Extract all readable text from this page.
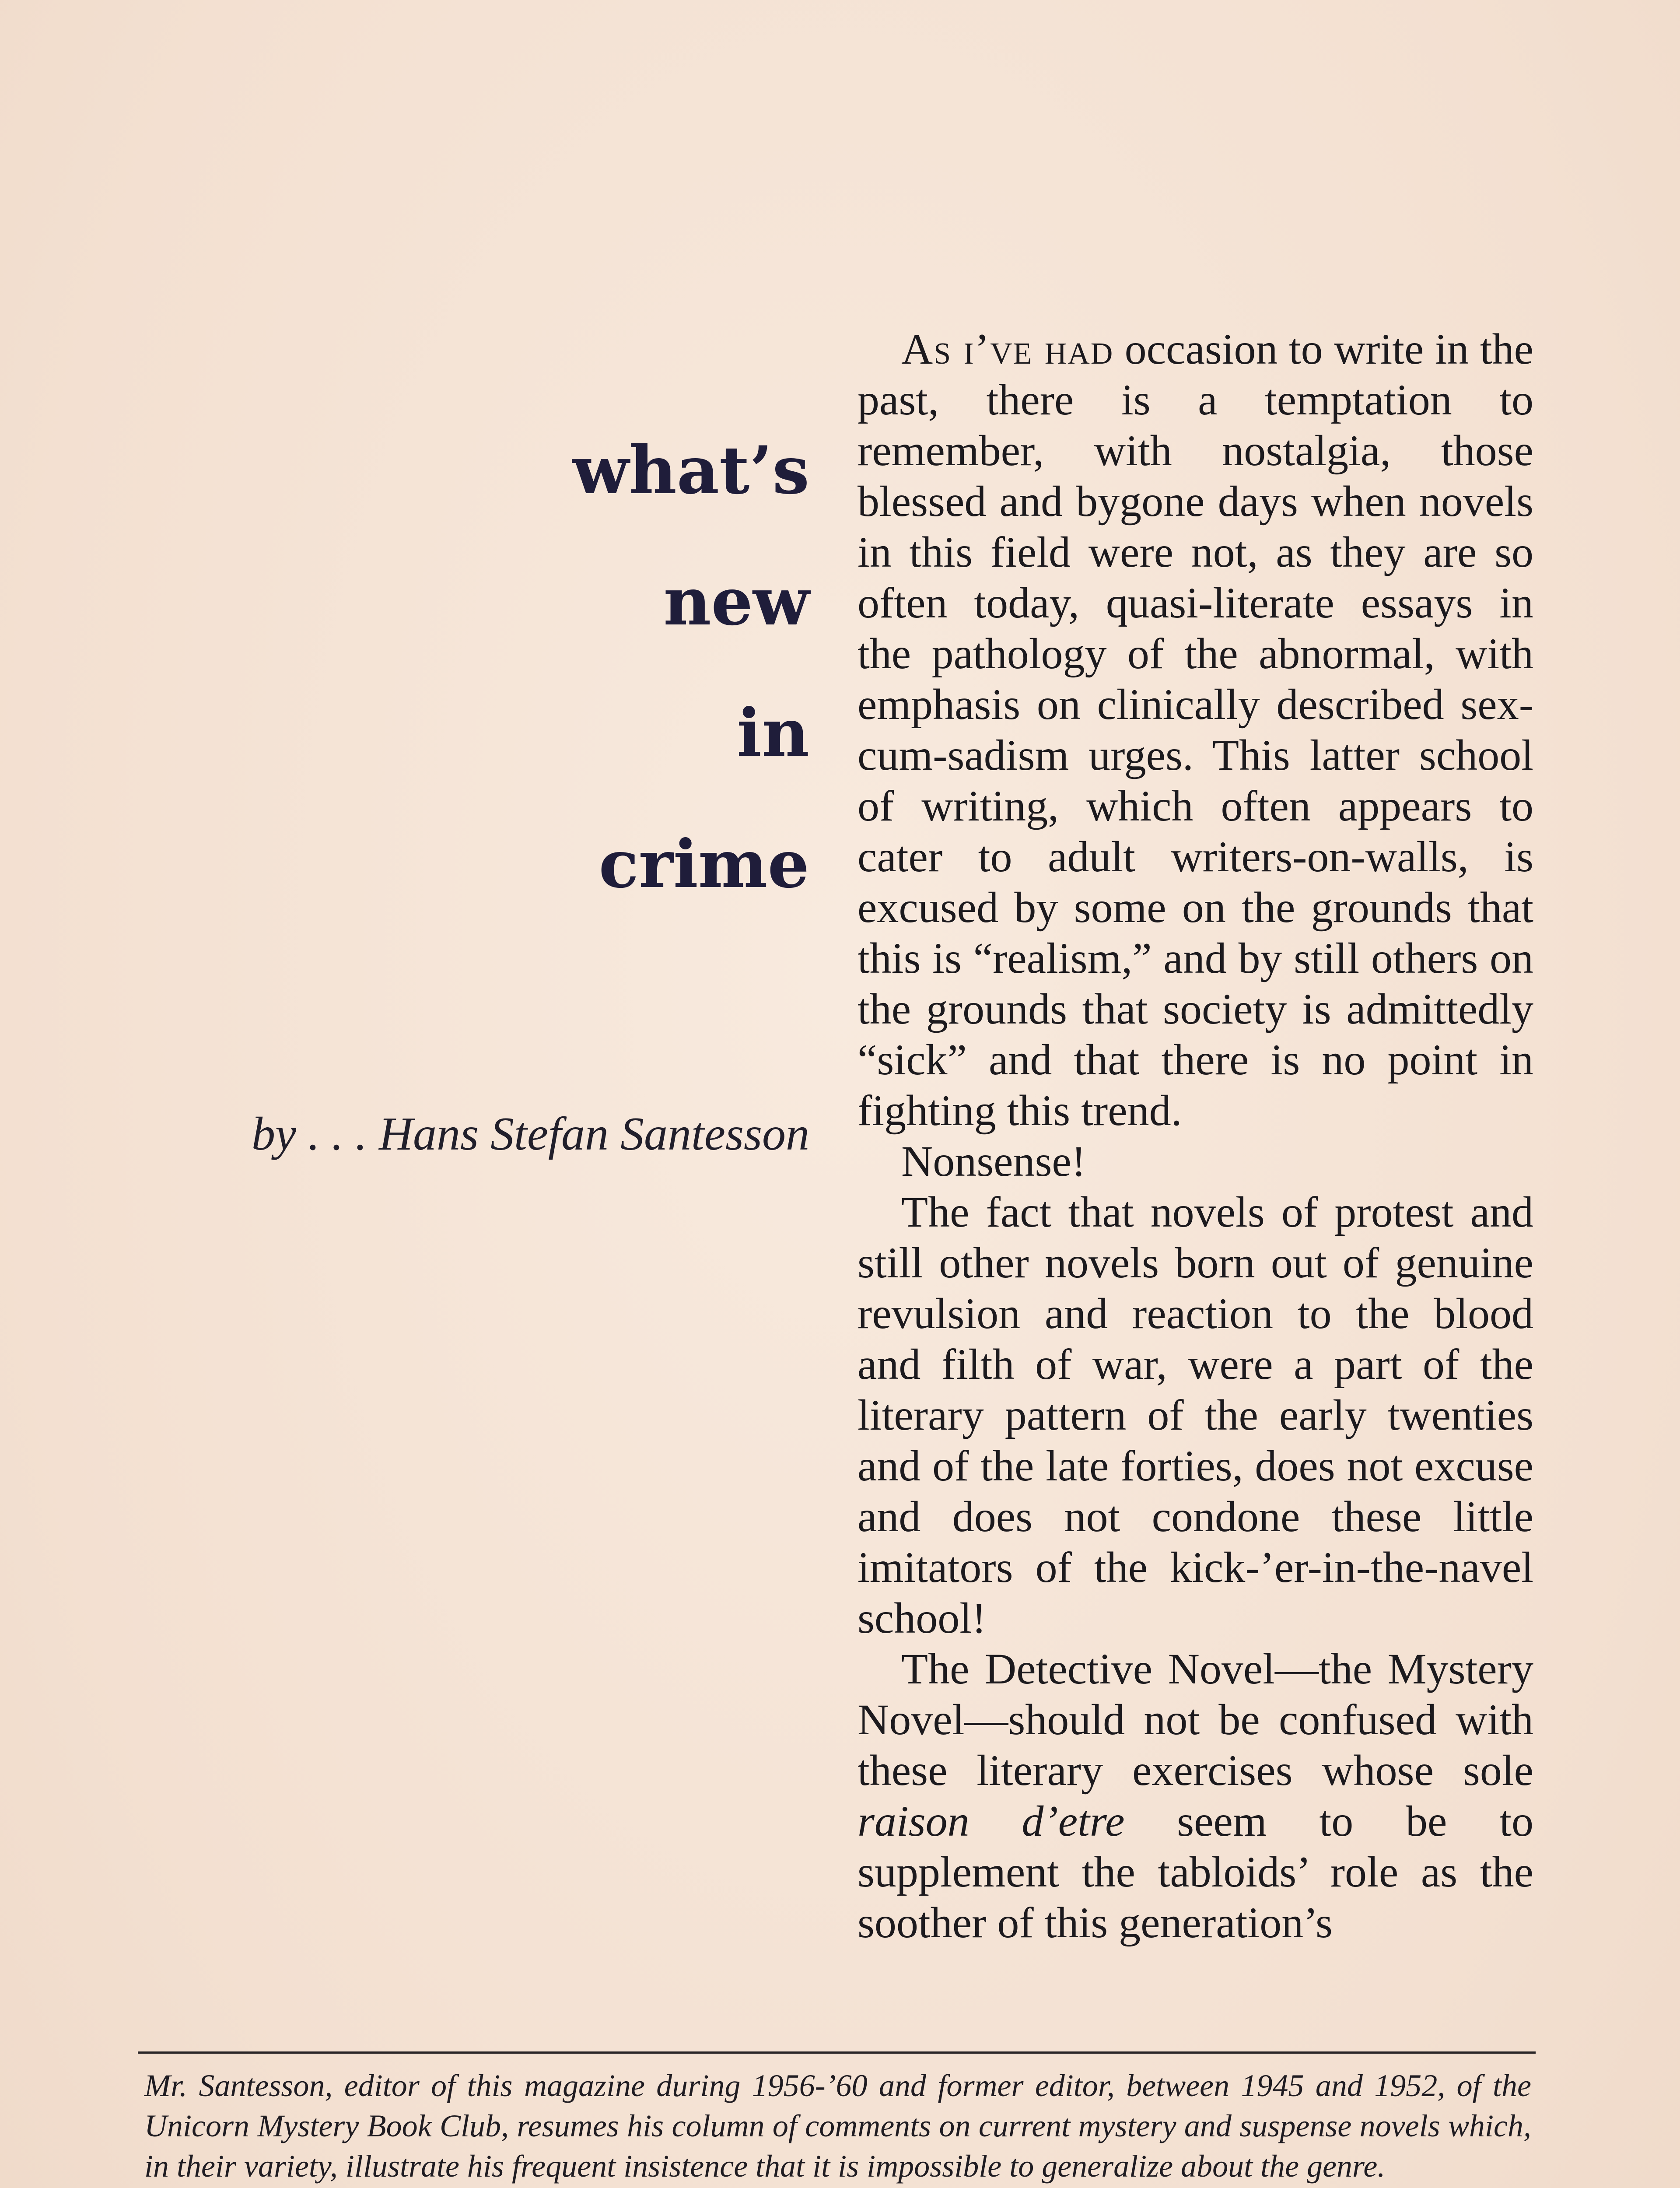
what’s
new
in
crime
by . . . Hans Stefan Santesson

As i’ve had occasion to write in the past, there is a temptation to remember, with nostalgia, those blessed and bygone days when novels in this field were not, as they are so often today, quasi-literate essays in the pathology of the abnormal, with emphasis on clinically described sex-cum-sadism urges. This latter school of writing, which often appears to cater to adult writers-on-walls, is excused by some on the grounds that this is “realism,” and by still others on the grounds that society is admittedly “sick” and that there is no point in fighting this trend.

Nonsense!

The fact that novels of protest and still other novels born out of genuine revulsion and reaction to the blood and filth of war, were a part of the literary pattern of the early twenties and of the late forties, does not excuse and does not condone these little imitators of the kick-’er-in-the-navel school!

The Detective Novel—the Mystery Novel—should not be confused with these literary exercises whose sole raison d’etre seem to be to supplement the tabloids’ role as the soother of this generation’s

Mr. Santesson, editor of this magazine during 1956-’60 and former editor, between 1945 and 1952, of the Unicorn Mystery Book Club, resumes his column of comments on current mystery and suspense novels which, in their variety, illustrate his frequent insistence that it is impossible to generalize about the genre.
